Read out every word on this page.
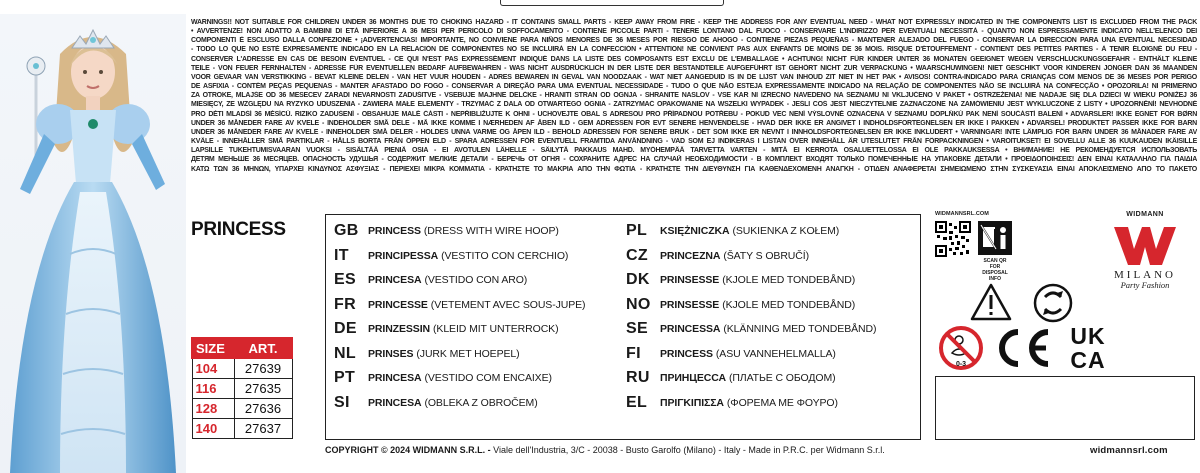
WARNINGS!! NOT SUITABLE FOR CHILDREN UNDER 36 MONTHS DUE TO CHOKING HAZARD - IT CONTAINS SMALL PARTS - KEEP AWAY FROM FIRE - KEEP THE ADDRESS FOR ANY EVENTUAL NEED - WHAT NOT EXPRESSLY INDICATED IN THE COMPONENTS LIST IS EXCLUDED FROM THE PACK

• AVVERTENZE! NON ADATTO A BAMBINI DI ETÀ INFERIORE A 36 MESI PER PERICOLO DI SOFFOCAMENTO - CONTIENE PICCOLE PARTI - TENERE LONTANO DAL FUOCO - CONSERVARE L'INDIRIZZO PER EVENTUALI NECESSITÀ - QUANTO NON ESPRESSAMENTE INDICATO NELL'ELENCO DEI

COMPONENTI È ESCLUSO DALLA CONFEZIONE • ¡ADVERTENCIAS! IMPORTANTE, NO CONVIENE PARA NIÑOS MENORES DE 36 MESES POR RIESGO DE AHOGO - CONTIENE PIEZAS PEQUEÑAS - MANTENER ALEJADO DEL FUEGO - CONSERVAR LA DIRECCIÓN PARA UNA EVENTUAL NECESIDAD

- TODO LO QUE NO ESTÉ EXPRESAMENTE INDICADO EN LA RELACIÓN DE COMPONENTES NO SE INCLUIRÁ EN LA CONFECCIÓN • ATTENTION! NE CONVIENT PAS AUX ENFANTS DE MOINS DE 36 MOIS. RISQUE D'ÉTOUFFEMENT - CONTIENT DES PETITES PARTIES - À TENIR ÉLOIGNÉ DU FEU -

CONSERVER L'ADRESSE EN CAS DE BESOIN ÉVENTUEL - CE QUI N'EST PAS EXPRESSÉMENT INDIQUÉ DANS LA LISTE DES COMPOSANTS EST EXCLU DE L'EMBALLAGE • ACHTUNG! NICHT FÜR KINDER UNTER 36 MONATEN GEEIGNET WEGEN VERSCHLUCKUNGSGEFAHR - ENTHÄLT KLEINE

TEILE - VON FEUER FERNHALTEN - ADRESSE FÜR EVENTUELLEN BEDARF AUFBEWAHREN - WAS NICHT AUSDRÜCKLICH IN DER LISTE DER BESTANDTEILE AUFGEFÜHRT IST GEHÖRT NICHT ZUR VERPACKUNG • WAARSCHUWINGEN! NIET GESCHIKT VOOR KINDEREN JONGER DAN 36 MAANDEN

VOOR GEVAAR VAN VERSTIKKING - BEVAT KLEINE DELEN - VAN HET VUUR HOUDEN - ADRES BEWAREN IN GEVAL VAN NOODZAAK - WAT NIET AANGEDUID IS IN DE LIJST VAN INHOUD ZIT NIET IN HET PAK • AVISOS! CONTRA-INDICADO PARA CRIANÇAS COM MENOS DE 36 MESES POR PERIGO

DE ASFIXIA - CONTÉM PEÇAS PEQUENAS - MANTER AFASTADO DO FOGO - CONSERVAR A DIREÇÃO PARA UMA EVENTUAL NECESSIDADE - TUDO O QUE NÃO ESTEJA EXPRESSAMENTE INDICADO NA RELAÇÃO DE COMPONENTES NÃO SE INCLUIRÁ NA CONFECÇÃO • OPOZORILA! NI PRIMERNO

ZA OTROKE, MLAJŠE OD 36 MESECEV ZARADI NEVARNOSTI ZADUŠITVE - VSEBUJE MAJHNE DELČKE - HRANITI STRAN OD OGNJA - SHRANITE NASLOV - VSE KAR NI IZRECNO NAVEDENO NA SEZNAMU NI VKLJUČENO V PAKET • OSTRZEŻENIA! NIE NADAJE SIĘ DLA DZIECI W WIEKU PONIŻEJ 36

MIESIĘCY, ZE WZGLĘDU NA RYZYKO UDUSZENIA - ZAWIERA MAŁE ELEMENTY - TRZYMAĆ Z DALA OD OTWARTEGO OGNIA - ZATRZYMAĆ OPAKOWANIE NA WSZELKI WYPADEK - JEŚLI COŚ JEST NIECZYTELNIE ZAZNACZONE NA ZAMÓWIENIU JEST WYKLUCZONE Z LISTY • UPOZORNĚNÍ! NEVHODNÉ

PRO DĚTI MLADŠÍ 36 MĚSÍCŮ. RIZIKO ZADUŠENÍ - OBSAHUJE MALÉ ČÁSTI - NEPŘIBLIŽUJTE K OHNI - UCHOVEJTE OBAL S ADRESOU PRO PŘÍPADNOU POTŘEBU - POKUD VEC NENÍ VÝSLOVNĚ OZNAČENA V SEZNAMU DOPLŇKŮ PAK NENÍ SOUČÁSTÍ BALENÍ • ADVARSLER! IKKE EGNET FOR BØRN

UNDER 36 MÅNEDER FARE AV KVELE - INDEHOLDER SMÅ DELE - MÅ IKKE KOMME I NÆRHEDEN AF ÅBEN ILD - GEM ADRESSEN FOR EVT SENERE HENVENDELSE - HVAD DER IKKE ER ANGIVET I INDHOLDSFORTEGNELSEN ER IKKE I PAKKEN • ADVARSEL! PRODUKTET PASSER IKKE FOR BARN

UNDER 36 MÅNEDER FARE AV KVELE - INNEHOLDER SMÅ DELER - HOLDES UNNA VARME OG ÅPEN ILD - BEHOLD ADRESSEN FOR SENERE BRUK - DET SOM IKKE ER NEVNT I INNHOLDSFORTEGNELSEN ER IKKE INKLUDERT • VARNINGAR! INTE LÄMPLIG FÖR BARN UNDER 36 MÅNADER FARE AV

KVÄLE - INNEHÅLLER SMÅ PARTIKLAR - HÅLLS BORTA FRÅN ÖPPEN ELD - SPARA ADRESSEN FÖR EVENTUELL FRAMTIDA ANVÄNDNING - VAD SOM EJ INDIKERAS I LISTAN ÖVER INNEHÅLL ÄR UTESLUTET FRÅN FÖRPACKNINGEN • VAROITUKSET! EI SOVELLU ALLE 36 KUUKAUDEN IKÄISILLE

LAPSILLE TUKEHTUMISVAARAN VUOKSI - SISÄLTÄÄ PIENIÄ OSIA - EI AVOTULEN LÄHELLE - SÄILYTÄ PAKKAUS MAHD. MYÖHEMPÄÄ TARVETTA VARTEN - MITÄ EI KERROTA OSALUETTELOSSA EI OLE PAKKAUKSESSA • ВНИМАНИЕ! НЕ РЕКОМЕНДУЕТСЯ ИСПОЛЬЗОВАТЬ

ДЕТЯМ МЕНЬШЕ 36 МЕСЯЦЕВ. ОПАСНОСТЬ УДУШЬЯ - СОДЕРЖИТ МЕЛКИЕ ДЕТАЛИ - БЕРЕЧЬ ОТ ОГНЯ - СОХРАНИТЕ АДРЕС НА СЛУЧАЙ НЕОБХОДИМОСТИ - В КОМПЛЕКТ ВХОДЯТ ТОЛЬКО ПОМЕЧЕННЫЕ НА УПАКОВКЕ ДЕТАЛИ • ΠΡΟΕΙΔΟΠΟΙΗΣΕΙΣ! ΔΕΝ ΕΙΝΑΙ ΚΑΤΑΛΛΗΛΟ ΓΙΑ ΠΑΙΔΙΑ

ΚΑΤΩ ΤΩΝ 36 ΜΗΝΩΝ, ΥΠΑΡΧΕΙ ΚΙΝΔΥΝΟΣ ΑΣΦΥΞΙΑΣ - ΠΕΡΙΕΧΕΙ ΜΙΚΡΑ ΚΟΜΜΑΤΙΑ - ΚΡΑΤΗΣΤΕ ΤΟ ΜΑΚΡΙΑ ΑΠΟ ΤΗΝ ΦΩΤΙΑ - ΚΡΑΤΗΣΤΕ ΤΗΝ ΔΙΕΥΘΥΝΣΗ ΓΙΑ ΚΑΘΕΝΔΕΧΟΜΕΝΗ ΑΝΑΓΚΗ - ΟΤΙΔΕΝ ΑΝΑΦΕΡΕΤΑΙ ΣΗΜΕΙΩΜΕΝΟ ΣΤΗΝ ΣΥΣΚΕΥΑΣΙΑ ΕΙΝΑΙ ΑΠΟΚΛΕΙΣΜΕΝΟ ΑΠΟ ΤΟ ΠΑΚΕΤΟ

PRINCESS
SIZE	ART.
104	27639
116	27635
128	27636
140	27637
GB PRINCESS (DRESS WITH WIRE HOOP)
IT	PRINCIPESSA (VESTITO CON CERCHIO)
ES	PRINCESA (VESTIDO CON ARO)
FR	PRINCESSE (VETEMENT AVEC SOUS-JUPE)
DE	PRINZESSIN (KLEID MIT UNTERROCK)
NL	PRINSES (JURK MET HOEPEL)
PT	PRINCESA (VESTIDO COM ENCAIXE)
SI	PRINCESA (OBLEKA Z OBROČEM)
PL	KSIĘŻNICZKA (SUKIENKA Z KOŁEM)
CZ	PRINCEZNA (ŠATY S OBRUČÍ)
DK PRINSESSE (KJOLE MED TONDEBÅND)
NO PRINSESSE (KJOLE MED TONDEBÅND)
SE	PRINCESSA (KLÄNNING MED TONDEBÅND)
FI	PRINCESS (ASU VANNEHELMALLA)
RU ПРИНЦЕССА (ПЛАТЬЕ С ОБОДОМ)
EL	ΠΡΙΓΚΙΠΙΣΣΑ (ΦΟΡΕΜΑ ΜΕ ΦΟΥΡΟ)
COPYRIGHT © 2024 WIDMANN S.R.L. - Viale dell'Industria, 3/C - 20038 - Busto Garolfo (Milano) - Italy - Made in P.R.C. per Widmann S.r.l.	widmannsrl.com
WIDMANNSRL.COM
SCAN QR FOR DISPOSAL INFO
WIDMANN
MILANO
Party Fashion
0-3
UK
CA
